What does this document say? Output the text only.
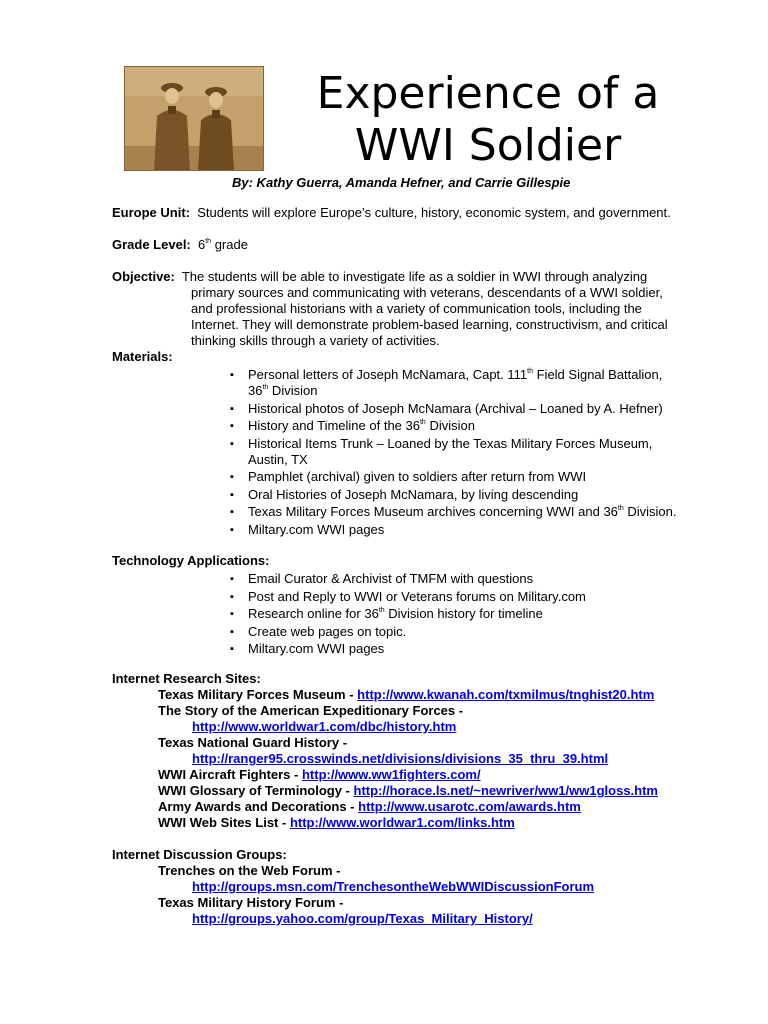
Experience of a
WWI Soldier
By: Kathy Guerra, Amanda Hefner, and Carrie Gillespie
Europe Unit: Students will explore Europe’s culture, history, economic system, and government.
Grade Level: 6th grade
Objective: The students will be able to investigate life as a soldier in WWI through analyzing
primary sources and communicating with veterans, descendants of a WWI soldier,
and professional historians with a variety of communication tools, including the
Internet. They will demonstrate problem-based learning, constructivism, and critical
thinking skills through a variety of activities.
Materials:
▪ Personal letters of Joseph McNamara, Capt. 111th Field Signal Battalion,
36th Division
▪ Historical photos of Joseph McNamara (Archival – Loaned by A. Hefner)
▪ History and Timeline of the 36th Division
▪ Historical Items Trunk – Loaned by the Texas Military Forces Museum,
Austin, TX
▪ Pamphlet (archival) given to soldiers after return from WWI
▪ Oral Histories of Joseph McNamara, by living descending
▪ Texas Military Forces Museum archives concerning WWI and 36th Division.
▪ Miltary.com WWI pages
Technology Applications:
▪ Email Curator & Archivist of TMFM with questions
▪ Post and Reply to WWI or Veterans forums on Military.com
▪ Research online for 36th Division history for timeline
▪ Create web pages on topic.
▪ Miltary.com WWI pages
Internet Research Sites:
Texas Military Forces Museum - http://www.kwanah.com/txmilmus/tnghist20.htm
The Story of the American Expeditionary Forces -
http://www.worldwar1.com/dbc/history.htm
Texas National Guard History -
http://ranger95.crosswinds.net/divisions/divisions_35_thru_39.html
WWI Aircraft Fighters - http://www.ww1fighters.com/
WWI Glossary of Terminology - http://horace.ls.net/~newriver/ww1/ww1gloss.htm
Army Awards and Decorations - http://www.usarotc.com/awards.htm
WWI Web Sites List - http://www.worldwar1.com/links.htm
Internet Discussion Groups:
Trenches on the Web Forum -
http://groups.msn.com/TrenchesontheWebWWIDiscussionForum
Texas Military History Forum -
http://groups.yahoo.com/group/Texas_Military_History/
